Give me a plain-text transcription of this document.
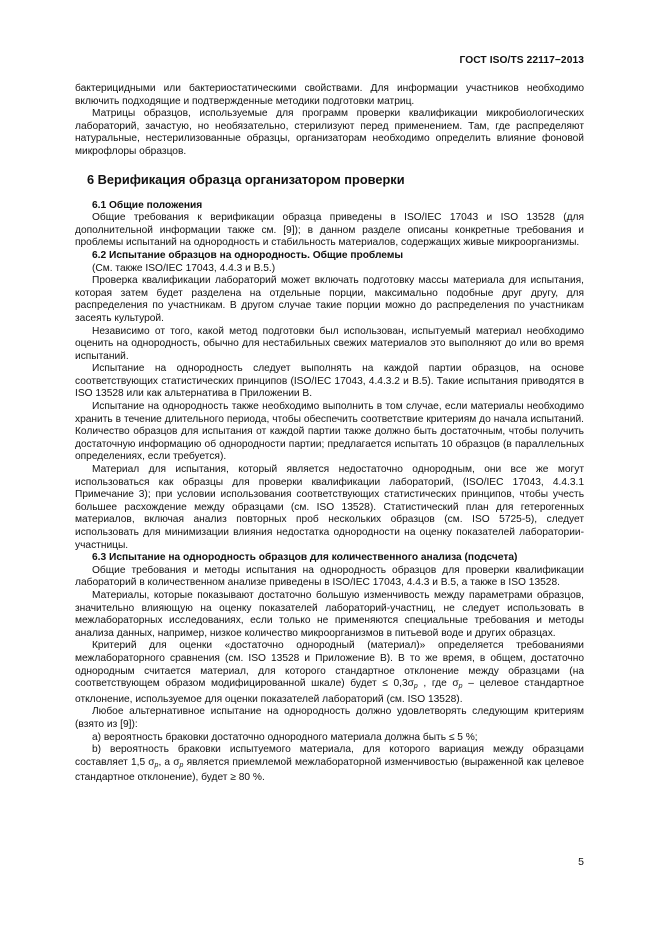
ГОСТ ISO/TS 22117−2013

бактерицидными или бактериостатическими свойствами. Для информации участников необходимо включить подходящие и подтвержденные методики подготовки матриц.

Матрицы образцов, используемые для программ проверки квалификации микробиологических лабораторий, зачастую, но необязательно, стерилизуют перед применением. Там, где распределяют натуральные, нестерилизованные образцы, организаторам необходимо определить влияние фоновой микрофлоры образцов.

6 Верификация образца организатором проверки
6.1 Общие положения

Общие требования к верификации образца приведены в ISO/IEC 17043 и ISO 13528 (для дополнительной информации также см. [9]); в данном разделе описаны конкретные требования и проблемы испытаний на однородность и стабильность материалов, содержащих живые микроорганизмы.

6.2 Испытание образцов на однородность. Общие проблемы

(См. также ISO/IEC 17043, 4.4.3 и B.5.)

Проверка квалификации лабораторий может включать подготовку массы материала для испытания, которая затем будет разделена на отдельные порции, максимально подобные друг другу, для распределения по участникам. В другом случае такие порции можно до распределения по участникам засеять культурой.

Независимо от того, какой метод подготовки был использован, испытуемый материал необходимо оценить на однородность, обычно для нестабильных свежих материалов это выполняют до или во время испытаний.

Испытание на однородность следует выполнять на каждой партии образцов, на основе соответствующих статистических принципов (ISO/IEC 17043, 4.4.3.2 и В.5). Такие испытания приводятся в ISO 13528 или как альтернатива в Приложении В.

Испытание на однородность также необходимо выполнить в том случае, если материалы необходимо хранить в течение длительного периода, чтобы обеспечить соответствие критериям до начала испытаний. Количество образцов для испытания от каждой партии также должно быть достаточным, чтобы получить достаточную информацию об однородности партии; предлагается испытать 10 образцов (в параллельных определениях, если требуется).

Материал для испытания, который является недостаточно однородным, они все же могут использоваться как образцы для проверки квалификации лабораторий, (ISO/IEC 17043, 4.4.3.1 Примечание 3); при условии использования соответствующих статистических принципов, чтобы учесть большее расхождение между образцами (см. ISO 13528). Статистический план для гетерогенных материалов, включая анализ повторных проб нескольких образцов (см. ISO 5725-5), следует использовать для минимизации влияния недостатка однородности на оценку показателей лаборатории-участницы.

6.3 Испытание на однородность образцов для количественного анализа (подсчета)

Общие требования и методы испытания на однородность образцов для проверки квалификации лабораторий в количественном анализе приведены в ISO/IEC 17043, 4.4.3 и В.5, а также в ISO 13528.

Материалы, которые показывают достаточно большую изменчивость между параметрами образцов, значительно влияющую на оценку показателей лабораторий-участниц, не следует использовать в межлабораторных исследованиях, если только не применяются специальные требования и методы анализа данных, например, низкое количество микроорганизмов в питьевой воде и других образцах.

Критерий для оценки «достаточно однородный (материал)» определяется требованиями межлабораторного сравнения (см. ISO 13528 и Приложение В). В то же время, в общем, достаточно однородным считается материал, для которого стандартное отклонение между образцами (на соответствующем образом модифицированной шкале) будет ≤ $0,3\sigma_p$ , где $\sigma_p$ – целевое стандартное отклонение, используемое для оценки показателей лабораторий (см. ISO 13528).

Любое альтернативное испытание на однородность должно удовлетворять следующим критериям (взято из [9]):

a) вероятность браковки достаточно однородного материала должна быть ≤ 5 %;

b) вероятность браковки испытуемого материала, для которого вариация между образцами составляет 1,5 $\sigma_p$, а $\sigma_p$ является приемлемой межлабораторной изменчивостью (выраженной как целевое стандартное отклонение), будет ≥ 80 %.

5
